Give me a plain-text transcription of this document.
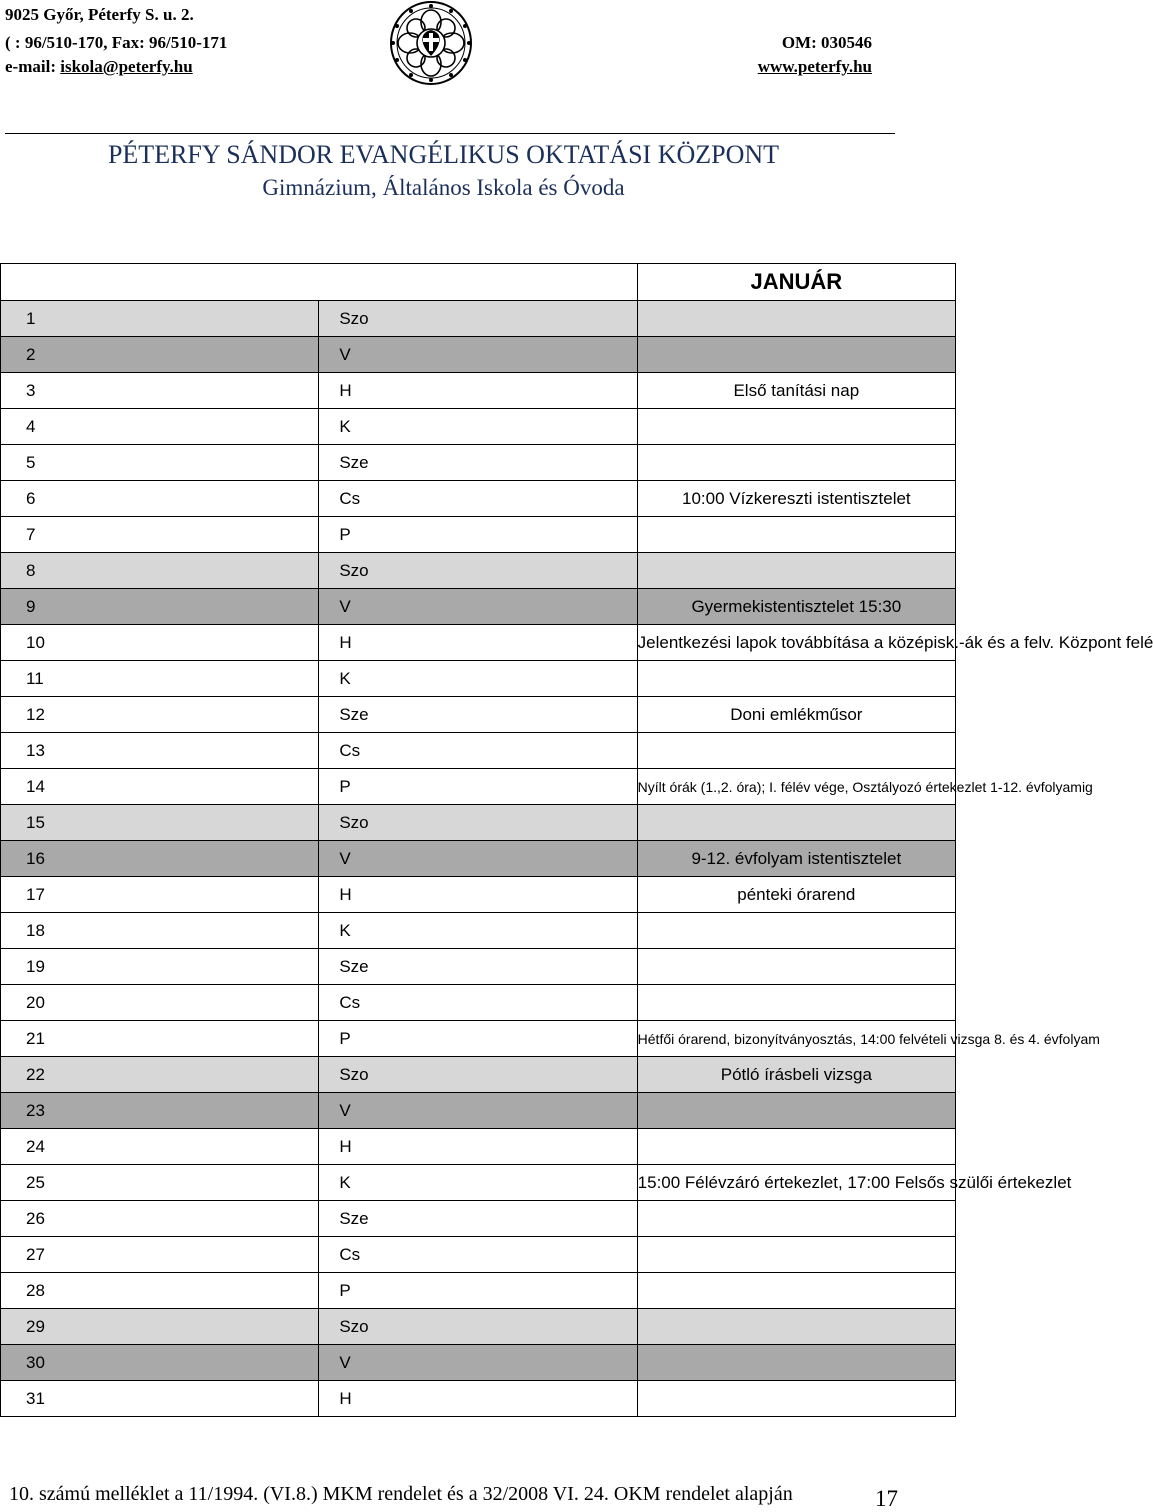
9025 Győr, Péterfy S. u. 2.
( : 96/510-170, Fax: 96/510-171
e-mail: iskola@peterfy.hu
OM: 030546
www.peterfy.hu
PÉTERFY SÁNDOR EVANGÉLIKUS OKTATÁSI KÖZPONT
Gimnázium, Általános Iskola és Óvoda
		JANUÁR
1	Szo	
2	V	
3	H	Első tanítási nap
4	K	
5	Sze	
6	Cs	10:00 Vízkereszti istentisztelet
7	P	
8	Szo	
9	V	Gyermekistentisztelet 15:30
10	H	Jelentkezési lapok továbbítása a középisk.-ák és a felv. Központ felé
11	K	
12	Sze	Doni emlékműsor
13	Cs	
14	P	Nyílt órák (1.,2. óra); I. félév vége, Osztályozó értekezlet 1-12. évfolyamig
15	Szo	
16	V	9-12. évfolyam istentisztelet
17	H	pénteki órarend
18	K	
19	Sze	
20	Cs	
21	P	Hétfői órarend, bizonyítványosztás, 14:00 felvételi vizsga 8. és 4. évfolyam
22	Szo	Pótló írásbeli vizsga
23	V	
24	H	
25	K	15:00 Félévzáró értekezlet, 17:00 Felsős szülői értekezlet
26	Sze	
27	Cs	
28	P	
29	Szo	
30	V	
31	H	
10. számú melléklet a 11/1994. (VI.8.) MKM rendelet és a 32/2008 VI. 24. OKM rendelet alapján	17
